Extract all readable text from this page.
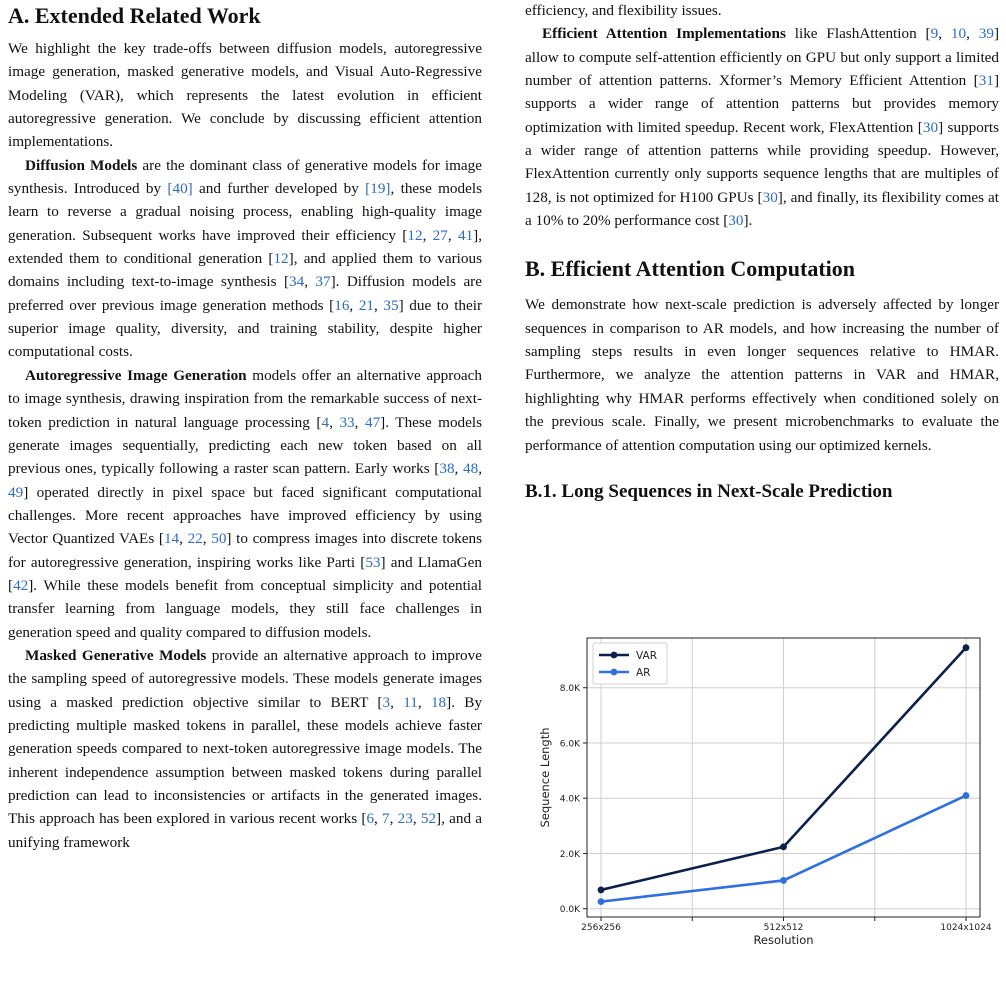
A. Extended Related Work

We highlight the key trade-offs between diffusion models, autoregressive image generation, masked generative models, and Visual Auto-Regressive Modeling (VAR), which represents the latest evolution in efficient autoregressive generation. We conclude by discussing efficient attention implementations.

Diffusion Models are the dominant class of generative models for image synthesis. Introduced by [40] and further developed by [19], these models learn to reverse a gradual noising process, enabling high-quality image generation. Subsequent works have improved their efficiency [12, 27, 41], extended them to conditional generation [12], and applied them to various domains including text-to-image synthesis [34, 37]. Diffusion models are preferred over previous image generation methods [16, 21, 35] due to their superior image quality, diversity, and training stability, despite higher computational costs.

Autoregressive Image Generation models offer an alternative approach to image synthesis, drawing inspiration from the remarkable success of next-token prediction in natural language processing [4, 33, 47]. These models generate images sequentially, predicting each new token based on all previous ones, typically following a raster scan pattern. Early works [38, 48, 49] operated directly in pixel space but faced significant computational challenges. More recent approaches have improved efficiency by using Vector Quantized VAEs [14, 22, 50] to compress images into discrete tokens for autoregressive generation, inspiring works like Parti [53] and LlamaGen [42]. While these models benefit from conceptual simplicity and potential transfer learning from language models, they still face challenges in generation speed and quality compared to diffusion models.

Masked Generative Models provide an alternative approach to improve the sampling speed of autoregressive models. These models generate images using a masked prediction objective similar to BERT [3, 11, 18]. By predicting multiple masked tokens in parallel, these models achieve faster generation speeds compared to next-token autoregressive image models. The inherent independence assumption between masked tokens during parallel prediction can lead to inconsistencies or artifacts in the generated images. This approach has been explored in various recent works [6, 7, 23, 52], and a unifying framework

efficiency, and flexibility issues.

Efficient Attention Implementations like FlashAttention [9, 10, 39] allow to compute self-attention efficiently on GPU but only support a limited number of attention patterns. Xformer’s Memory Efficient Attention [31] supports a wider range of attention patterns but provides memory optimization with limited speedup. Recent work, FlexAttention [30] supports a wider range of attention patterns while providing speedup. However, FlexAttention currently only supports sequence lengths that are multiples of 128, is not optimized for H100 GPUs [30], and finally, its flexibility comes at a 10% to 20% performance cost [30].

B. Efficient Attention Computation

We demonstrate how next-scale prediction is adversely affected by longer sequences in comparison to AR models, and how increasing the number of sampling steps results in even longer sequences relative to HMAR. Furthermore, we analyze the attention patterns in VAR and HMAR, highlighting why HMAR performs effectively when conditioned solely on the previous scale. Finally, we present microbenchmarks to evaluate the performance of attention computation using our optimized kernels.

B.1. Long Sequences in Next-Scale Prediction
0.0K
2.0K
4.0K
6.0K
8.0K
256x256	512x512	1024x1024
Resolution
Sequence Length
VAR
AR
